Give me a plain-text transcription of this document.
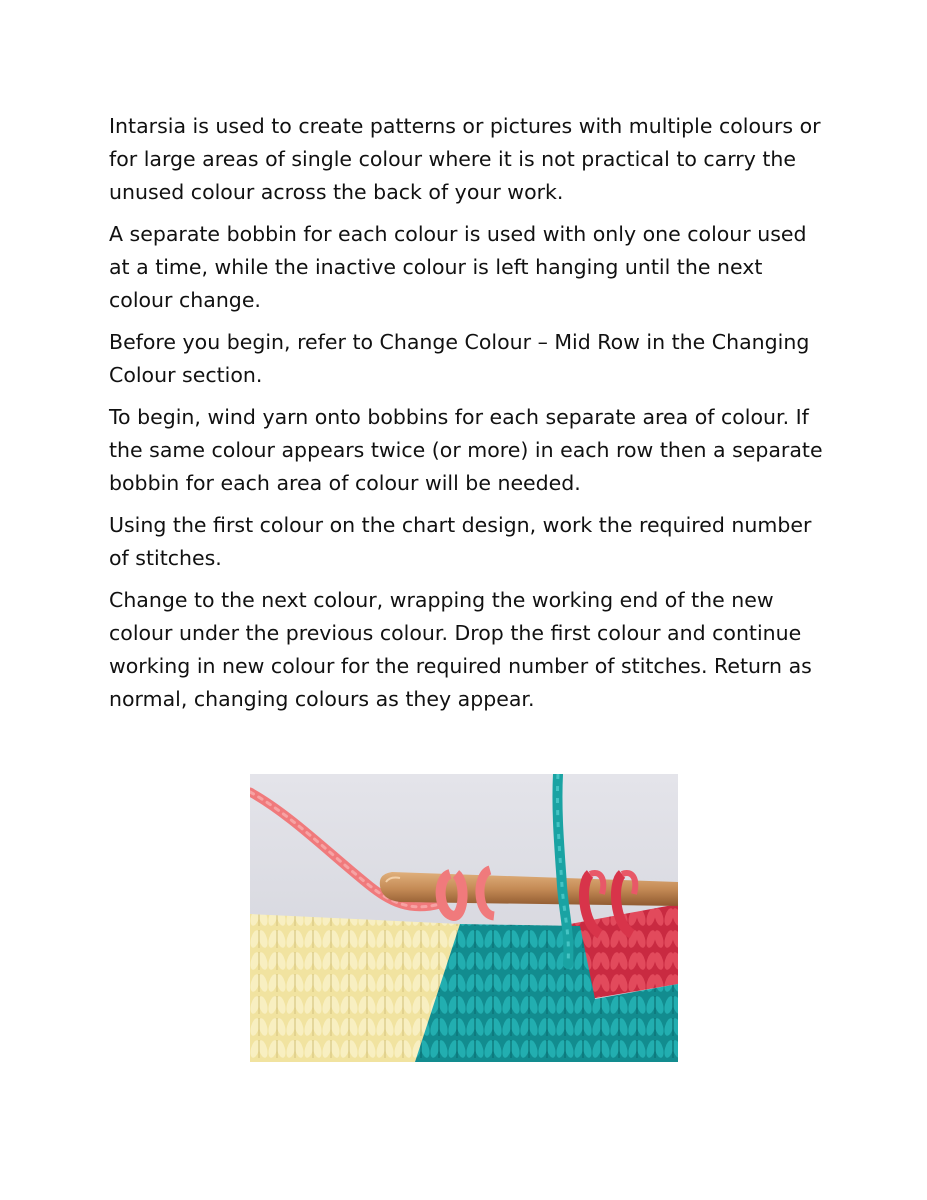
Intarsia is used to create patterns or pictures with multiple colours or for large areas of single colour where it is not practical to carry the unused colour across the back of your work.

A separate bobbin for each colour is used with only one colour used at a time, while the inactive colour is left hanging until the next colour change.

Before you begin, refer to Change Colour – Mid Row in the Changing Colour section.

To begin, wind yarn onto bobbins for each separate area of colour. If the same colour appears twice (or more) in each row then a separate bobbin for each area of colour will be needed.

Using the first colour on the chart design, work the required number of stitches.

Change to the next colour, wrapping the working end of the new colour under the previous colour. Drop the first colour and continue working in new colour for the required number of stitches. Return as normal, changing colours as they appear.
